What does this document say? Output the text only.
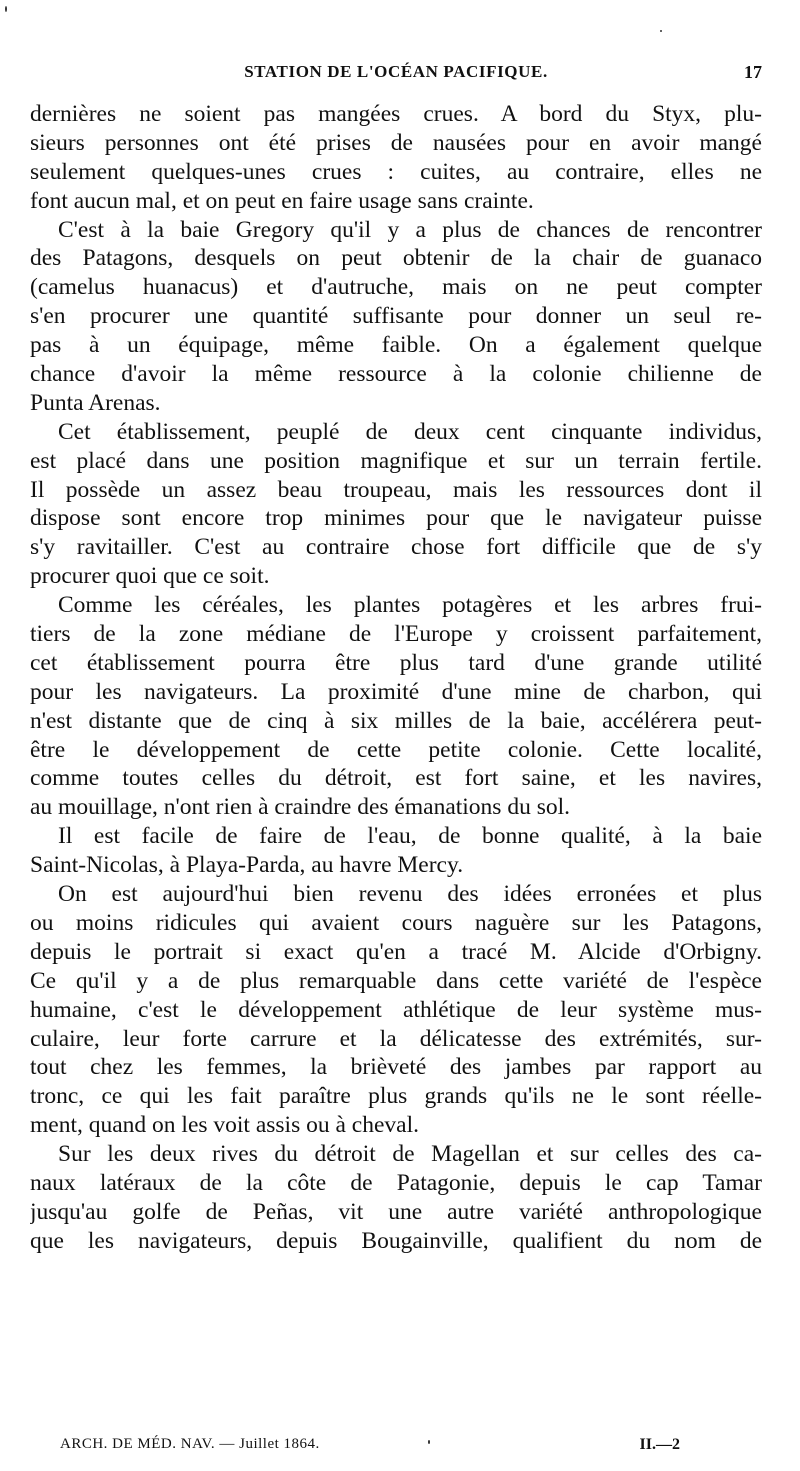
STATION DE L'OCÉAN PACIFIQUE.	17
dernières ne soient pas mangées crues. A bord du Styx, plu-
sieurs personnes ont été prises de nausées pour en avoir mangé
seulement quelques-unes crues : cuites, au contraire, elles ne
font aucun mal, et on peut en faire usage sans crainte.
C'est à la baie Gregory qu'il y a plus de chances de rencontrer
des Patagons, desquels on peut obtenir de la chair de guanaco
(camelus huanacus) et d'autruche, mais on ne peut compter
s'en procurer une quantité suffisante pour donner un seul re-
pas à un équipage, même faible. On a également quelque
chance d'avoir la même ressource à la colonie chilienne de
Punta Arenas.
Cet établissement, peuplé de deux cent cinquante individus,
est placé dans une position magnifique et sur un terrain fertile.
Il possède un assez beau troupeau, mais les ressources dont il
dispose sont encore trop minimes pour que le navigateur puisse
s'y ravitailler. C'est au contraire chose fort difficile que de s'y
procurer quoi que ce soit.
Comme les céréales, les plantes potagères et les arbres frui-
tiers de la zone médiane de l'Europe y croissent parfaitement,
cet établissement pourra être plus tard d'une grande utilité
pour les navigateurs. La proximité d'une mine de charbon, qui
n'est distante que de cinq à six milles de la baie, accélérera peut-
être le développement de cette petite colonie. Cette localité,
comme toutes celles du détroit, est fort saine, et les navires,
au mouillage, n'ont rien à craindre des émanations du sol.
Il est facile de faire de l'eau, de bonne qualité, à la baie
Saint-Nicolas, à Playa-Parda, au havre Mercy.
On est aujourd'hui bien revenu des idées erronées et plus
ou moins ridicules qui avaient cours naguère sur les Patagons,
depuis le portrait si exact qu'en a tracé M. Alcide d'Orbigny.
Ce qu'il y a de plus remarquable dans cette variété de l'espèce
humaine, c'est le développement athlétique de leur système mus-
culaire, leur forte carrure et la délicatesse des extrémités, sur-
tout chez les femmes, la brièveté des jambes par rapport au
tronc, ce qui les fait paraître plus grands qu'ils ne le sont réelle-
ment, quand on les voit assis ou à cheval.
Sur les deux rives du détroit de Magellan et sur celles des ca-
naux latéraux de la côte de Patagonie, depuis le cap Tamar
jusqu'au golfe de Peñas, vit une autre variété anthropologique
que les navigateurs, depuis Bougainville, qualifient du nom de
ARCH. DE MÉD. NAV. — Juillet 1864.	II.—2
